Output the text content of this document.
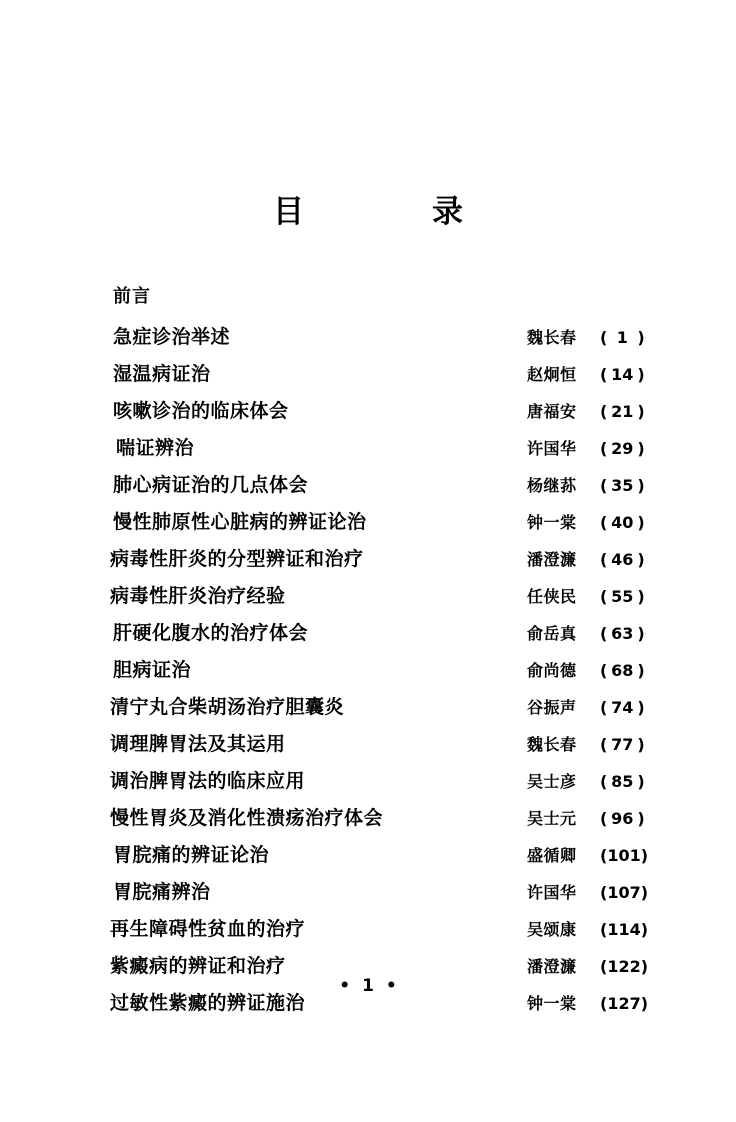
目　　录
前言
急症诊治举述	魏长春 ( 1 )
湿温病证治	赵炯恒 ( 14 )
咳嗽诊治的临床体会	唐福安 ( 21 )
喘证辨治	许国华 ( 29 )
肺心病证治的几点体会	杨继荪 ( 35 )
慢性肺原性心脏病的辨证论治	钟一棠 ( 40 )
病毒性肝炎的分型辨证和治疗	潘澄濂 ( 46 )
病毒性肝炎治疗经验	任侠民 ( 55 )
肝硬化腹水的治疗体会	俞岳真 ( 63 )
胆病证治	俞尚德 ( 68 )
清宁丸合柴胡汤治疗胆囊炎	谷振声 ( 74 )
调理脾胃法及其运用	魏长春 ( 77 )
调治脾胃法的临床应用	吴士彦 ( 85 )
慢性胃炎及消化性溃疡治疗体会	吴士元 ( 96 )
胃脘痛的辨证论治	盛循卿 (101)
胃脘痛辨治	许国华 (107)
再生障碍性贫血的治疗	吴颂康 (114)
紫癜病的辨证和治疗	潘澄濂 (122)
过敏性紫癜的辨证施治	钟一棠 (127)
• 1 •
